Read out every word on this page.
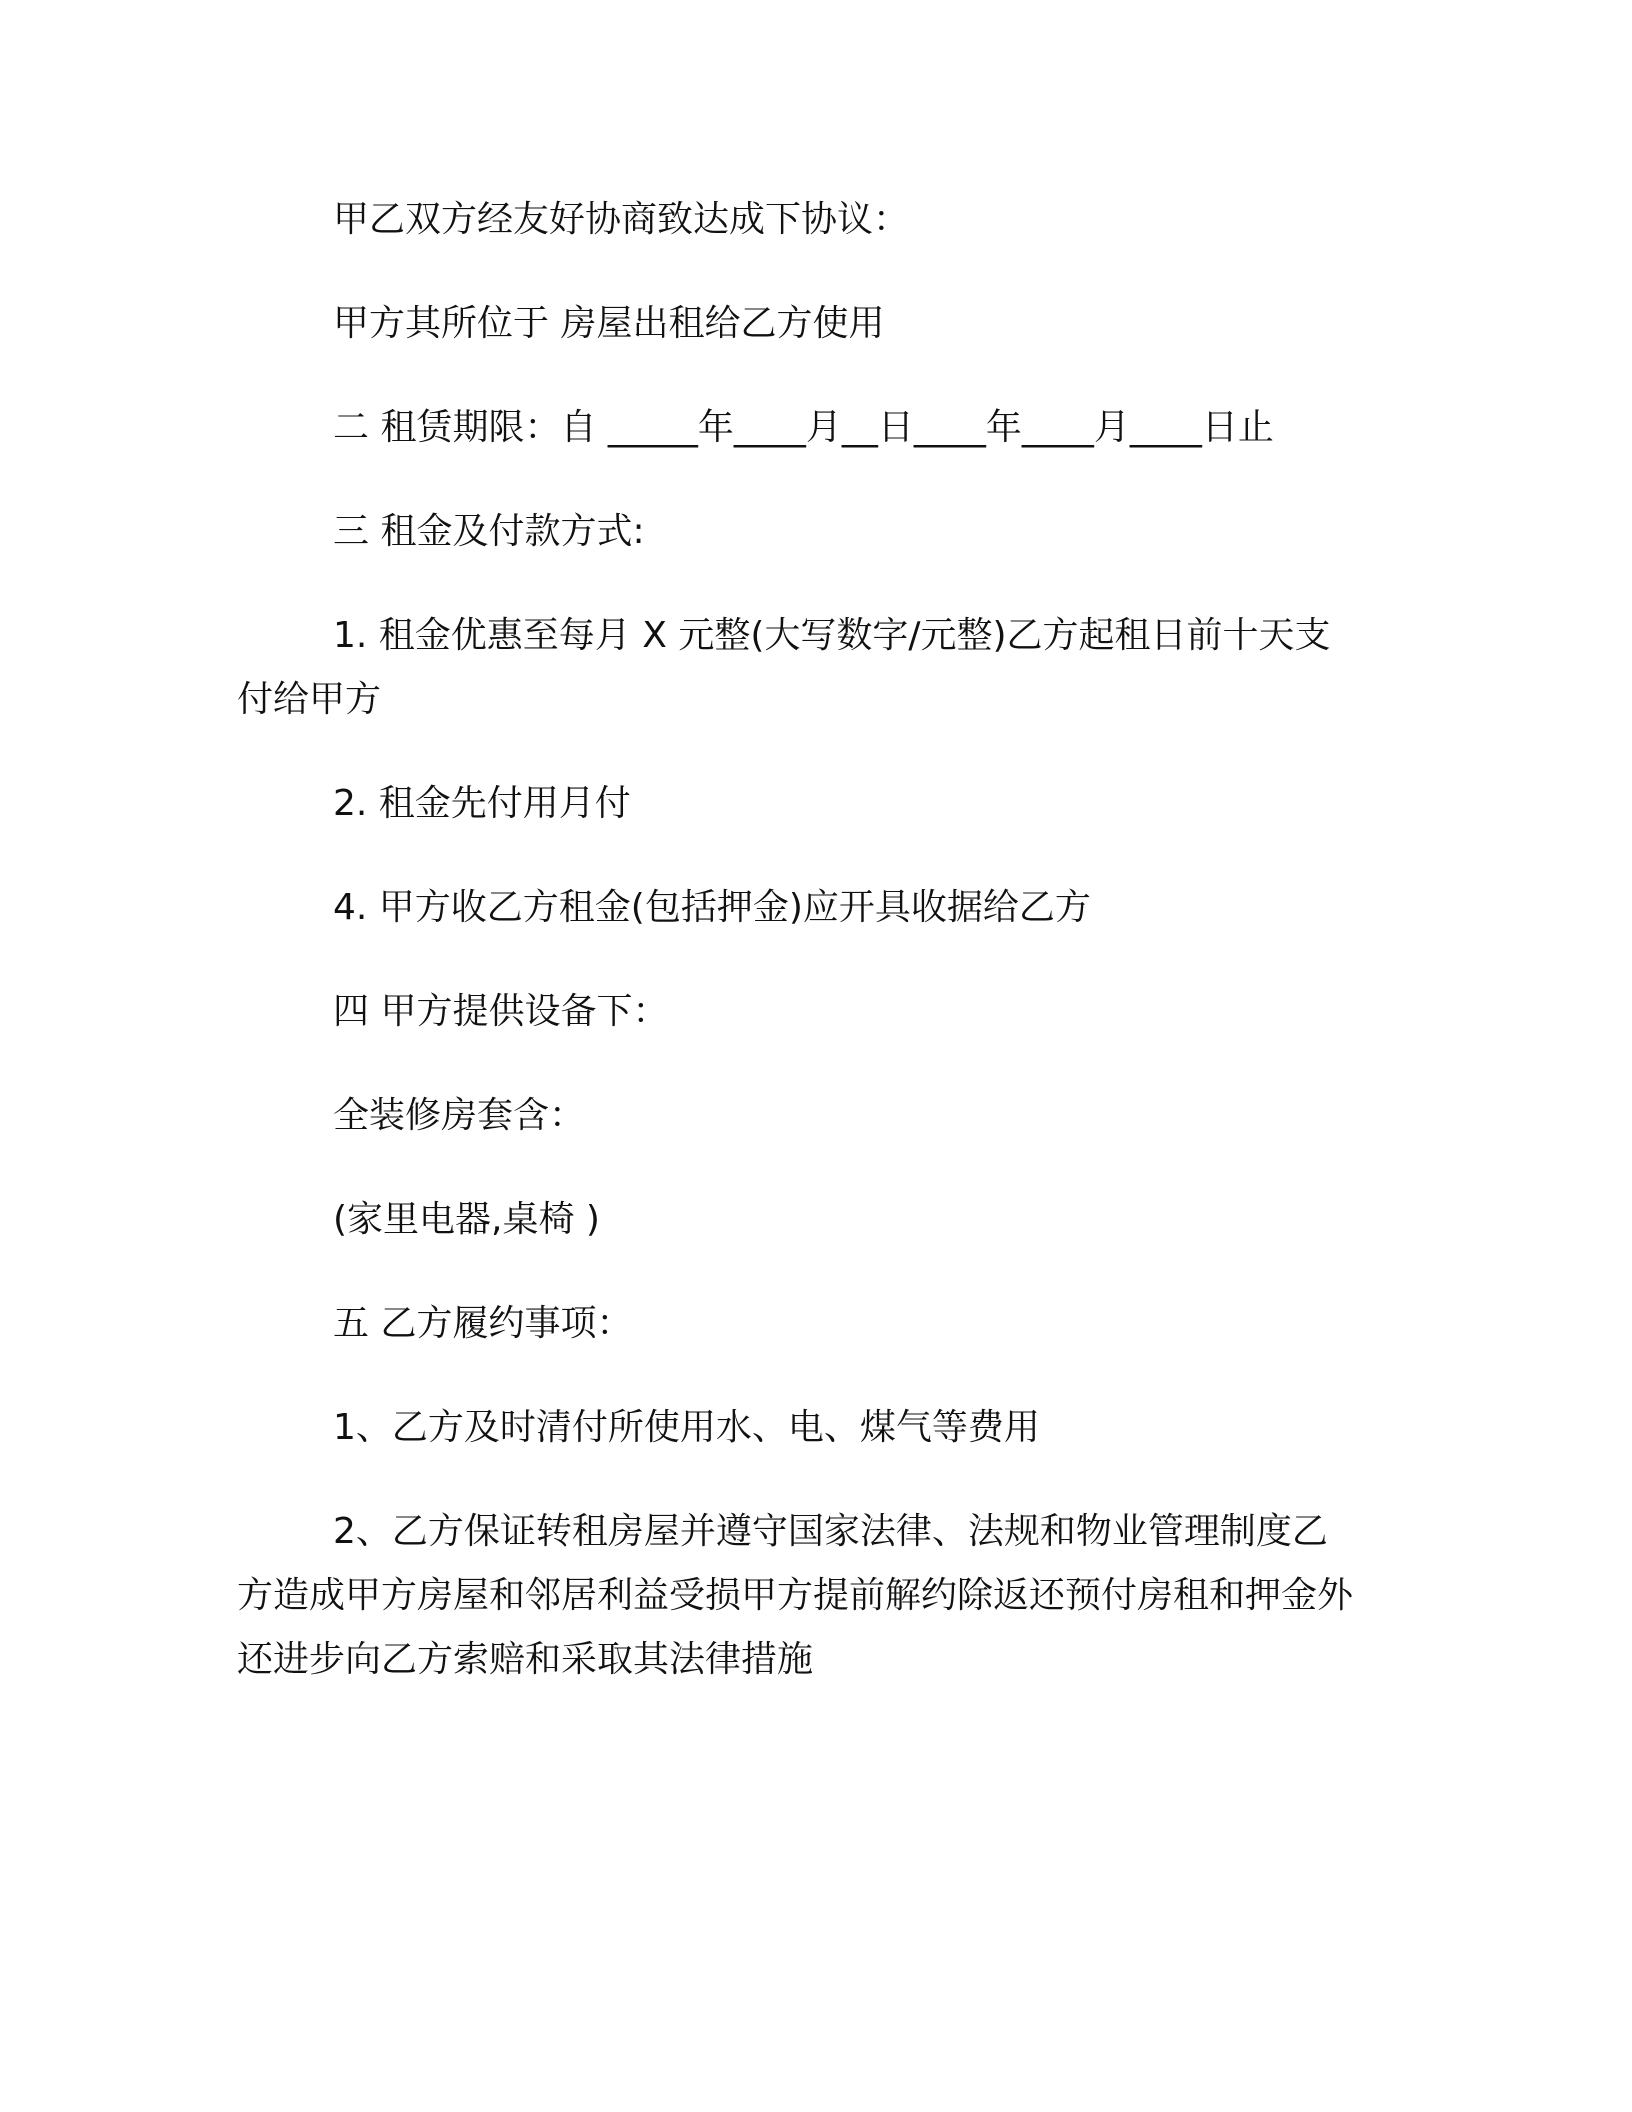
甲乙双方经友好协商致达成下协议：

甲方其所位于 房屋出租给乙方使用

二 租赁期限：自 _____年____月__日____年____月____日止

三 租金及付款方式:

1. 租金优惠至每月 X 元整(大写数字/元整)乙方起租日前十天支付给甲方

2. 租金先付用月付

4. 甲方收乙方租金(包括押金)应开具收据给乙方

四 甲方提供设备下：

全装修房套含：

(家里电器,桌椅 )

五 乙方履约事项：

1、乙方及时清付所使用水、电、煤气等费用

2、乙方保证转租房屋并遵守国家法律、法规和物业管理制度乙方造成甲方房屋和邻居利益受损甲方提前解约除返还预付房租和押金外还进步向乙方索赔和采取其法律措施
